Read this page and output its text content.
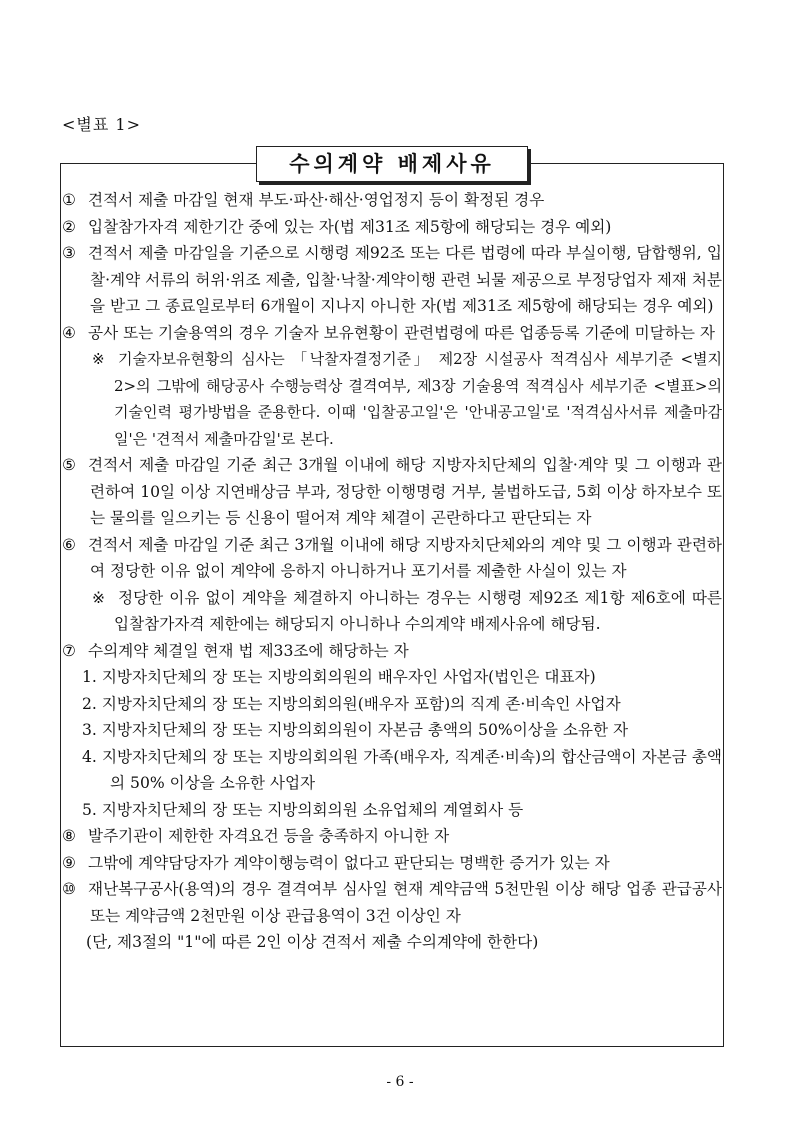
<별표 1>
수의계약 배제사유

① 견적서 제출 마감일 현재 부도·파산·해산·영업정지 등이 확정된 경우

② 입찰참가자격 제한기간 중에 있는 자(법 제31조 제5항에 해당되는 경우 예외)

③ 견적서 제출 마감일을 기준으로 시행령 제92조 또는 다른 법령에 따라 부실이행, 담합행위, 입찰·계약 서류의 허위·위조 제출, 입찰·낙찰·계약이행 관련 뇌물 제공으로 부정당업자 제재 처분을 받고 그 종료일로부터 6개월이 지나지 아니한 자(법 제31조 제5항에 해당되는 경우 예외)

④ 공사 또는 기술용역의 경우 기술자 보유현황이 관련법령에 따른 업종등록 기준에 미달하는 자

※ 기술자보유현황의 심사는 「낙찰자결정기준」 제2장 시설공사 적격심사 세부기준 <별지 2>의 그밖에 해당공사 수행능력상 결격여부, 제3장 기술용역 적격심사 세부기준 <별표>의 기술인력 평가방법을 준용한다. 이때 '입찰공고일'은 '안내공고일'로 '적격심사서류 제출마감일'은 '견적서 제출마감일'로 본다.

⑤ 견적서 제출 마감일 기준 최근 3개월 이내에 해당 지방자치단체의 입찰·계약 및 그 이행과 관련하여 10일 이상 지연배상금 부과, 정당한 이행명령 거부, 불법하도급, 5회 이상 하자보수 또는 물의를 일으키는 등 신용이 떨어져 계약 체결이 곤란하다고 판단되는 자

⑥ 견적서 제출 마감일 기준 최근 3개월 이내에 해당 지방자치단체와의 계약 및 그 이행과 관련하여 정당한 이유 없이 계약에 응하지 아니하거나 포기서를 제출한 사실이 있는 자

※ 정당한 이유 없이 계약을 체결하지 아니하는 경우는 시행령 제92조 제1항 제6호에 따른 입찰참가자격 제한에는 해당되지 아니하나 수의계약 배제사유에 해당됨.

⑦ 수의계약 체결일 현재 법 제33조에 해당하는 자

1. 지방자치단체의 장 또는 지방의회의원의 배우자인 사업자(법인은 대표자)

2. 지방자치단체의 장 또는 지방의회의원(배우자 포함)의 직계 존·비속인 사업자

3. 지방자치단체의 장 또는 지방의회의원이 자본금 총액의 50%이상을 소유한 자

4. 지방자치단체의 장 또는 지방의회의원 가족(배우자, 직계존·비속)의 합산금액이 자본금 총액의 50% 이상을 소유한 사업자

5. 지방자치단체의 장 또는 지방의회의원 소유업체의 계열회사 등

⑧ 발주기관이 제한한 자격요건 등을 충족하지 아니한 자

⑨ 그밖에 계약담당자가 계약이행능력이 없다고 판단되는 명백한 증거가 있는 자

⑩ 재난복구공사(용역)의 경우 결격여부 심사일 현재 계약금액 5천만원 이상 해당 업종 관급공사 또는 계약금액 2천만원 이상 관급용역이 3건 이상인 자

(단, 제3절의 "1"에 따른 2인 이상 견적서 제출 수의계약에 한한다)

- 6 -
